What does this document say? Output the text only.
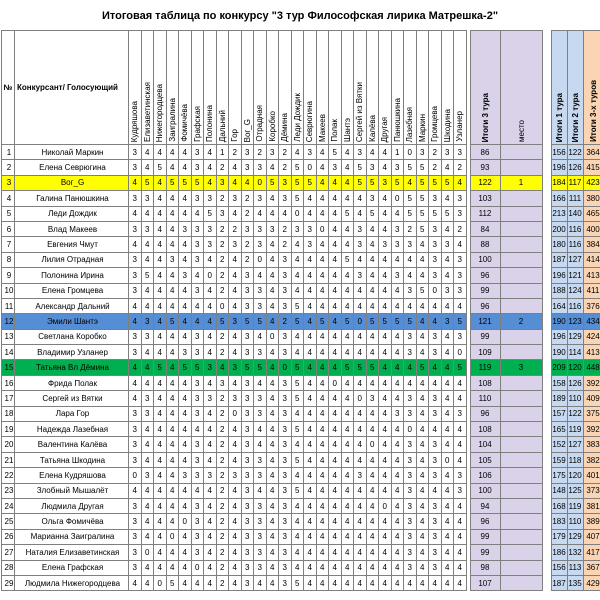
Итоговая таблица по конкурсу "3 тур Философская лирика Матрешка-2"
№	Конкурсант/ Голосующий	Кудряшова	Елизаветинская	Нижегородцева	Заигралина	Фомичёва	Графская	Полонина	Дальний	Гор	Вог_G	Отрадная	Коробко	Дёмина	Леди Дождик	Севрюгина	Макеев	Полак	Шантэ	Сергей из Вятки	Калёва	Другая	Панюшкина	Лазебная	Маркин	Громцева	Шкодина	Узланер		Итоги 3 тура	место		Итоги 1 тура	Итоги 2 тура	Итоги 3-х туров
1	Николай Маркин	3	4	4	4	4	3	4	1	2	3	2	3	2	4	3	4	5	4	3	4	4	1	0	3	2	3	3		86			156	122	364
2	Елена Севрюгина	3	4	5	4	4	3	4	2	4	3	3	4	2	5	0	4	3	4	5	3	4	3	5	5	2	4	2		93			196	126	415
3	Вог_G	4	5	4	5	5	5	4	3	4	4	0	5	3	5	5	4	4	4	5	5	3	5	4	5	5	5	4		122	1		184	117	423
4	Галина Панюшкина	3	3	4	4	4	3	3	2	3	2	3	4	3	5	4	4	4	4	4	3	4	0	5	5	3	4	3		103			166	111	380
5	Леди Дождик	4	4	4	4	4	4	5	3	4	2	4	4	4	0	4	4	4	5	4	5	4	4	5	5	5	5	3		112			213	140	465
6	Влад Макеев	3	3	4	4	3	3	3	2	2	3	3	3	2	3	3	0	4	4	3	4	4	3	2	5	3	4	2		84			200	116	400
7	Евгения Чмут	4	4	4	4	4	3	3	2	3	2	3	4	2	4	3	4	4	4	3	4	3	3	3	4	3	3	4		88			180	116	384
8	Лилия Отрадная	3	4	4	3	4	3	4	2	4	2	0	4	3	4	4	4	4	5	4	4	4	4	4	4	3	4	3		100			187	127	414
9	Полонина Ирина	3	5	4	4	3	4	0	2	4	3	4	4	3	4	4	4	4	4	3	4	4	3	4	4	3	4	3		96			196	121	413
10	Елена Громцева	3	4	4	4	4	3	4	2	4	3	3	4	3	4	4	4	4	4	4	4	4	4	3	5	0	3	3		99			188	124	411
11	Александр Дальний	4	4	4	4	4	4	4	0	4	3	3	4	3	5	4	4	4	4	4	4	4	4	4	4	4	4	4		96			164	116	376
12	Эмили Шантэ	4	3	4	5	4	4	4	5	3	5	5	4	2	5	4	5	4	5	0	5	5	5	5	4	4	3	5		121	2		190	123	434
13	Светлана Коробко	3	3	4	4	4	3	4	2	4	3	4	0	3	4	4	4	4	4	4	4	4	4	3	4	3	4	3		99			196	129	424
14	Владимир Узланер	3	4	4	4	3	3	4	2	4	3	3	4	3	4	4	4	4	4	4	4	4	4	3	4	3	4	0		109			190	114	413
15	Татьяна Вл Дёмина	4	4	5	4	5	5	3	4	3	5	5	4	0	5	4	4	4	5	5	5	4	4	4	5	4	4	5		119	3		209	120	448
16	Фрида Полак	4	4	4	4	4	3	4	3	4	3	4	4	3	5	4	4	0	4	4	4	4	4	4	4	4	4	4		108			158	126	392
17	Сергей из Вятки	4	3	4	4	4	3	3	2	3	3	3	4	3	5	4	4	4	4	0	3	4	4	3	4	3	4	4		110			189	110	409
18	Лара Гор	3	3	4	4	4	3	4	2	0	3	3	4	3	4	4	4	4	4	4	4	4	3	3	4	3	4	3		96			157	122	375
19	Надежда Лазебная	3	4	4	4	4	4	4	2	4	3	4	4	3	5	4	4	4	4	4	4	4	4	0	4	4	4	4		108			165	119	392
20	Валентина Калёва	3	4	4	4	4	3	4	2	4	3	4	4	3	4	4	4	4	4	4	0	4	4	3	4	3	4	4		104			152	127	383
21	Татьяна Шкодина	3	4	4	4	4	3	4	2	4	3	3	4	3	5	4	4	4	4	4	4	4	4	3	4	3	0	4		105			159	118	382
22	Елена Кудряшова	0	3	4	4	3	3	3	2	3	3	3	4	3	4	4	4	4	4	3	4	4	4	3	4	3	4	3		106			175	120	401
23	Злобный Мышалёт	4	4	4	4	4	4	4	2	4	3	4	4	3	5	4	4	4	4	4	4	4	4	3	4	4	4	3		100			148	125	373
24	Людмила Другая	3	4	4	4	4	3	4	2	4	3	3	4	3	4	4	4	4	4	4	4	0	4	3	4	3	4	4		94			168	119	381
25	Ольга Фомичёва	3	4	4	4	0	3	4	2	4	3	3	4	3	4	4	4	4	4	4	4	4	4	3	4	3	4	4		96			183	110	389
26	Марианна Заигралина	3	4	4	0	4	3	4	2	4	3	3	4	3	4	4	4	4	4	4	4	4	4	3	4	3	4	4		99			179	129	407
27	Наталия Елизаветинская	3	0	4	4	4	3	4	2	4	3	3	4	3	4	4	4	4	4	4	4	4	4	3	4	3	4	4		99			186	132	417
28	Елена Графская	3	4	4	4	4	0	4	2	4	3	3	4	3	4	4	4	4	4	4	4	4	4	3	4	3	4	4		98			156	113	367
29	Людмила Нижегородцева	4	4	0	5	4	4	4	2	4	3	4	4	3	5	4	4	4	4	4	4	4	4	4	4	4	4	4		107			187	135	429
